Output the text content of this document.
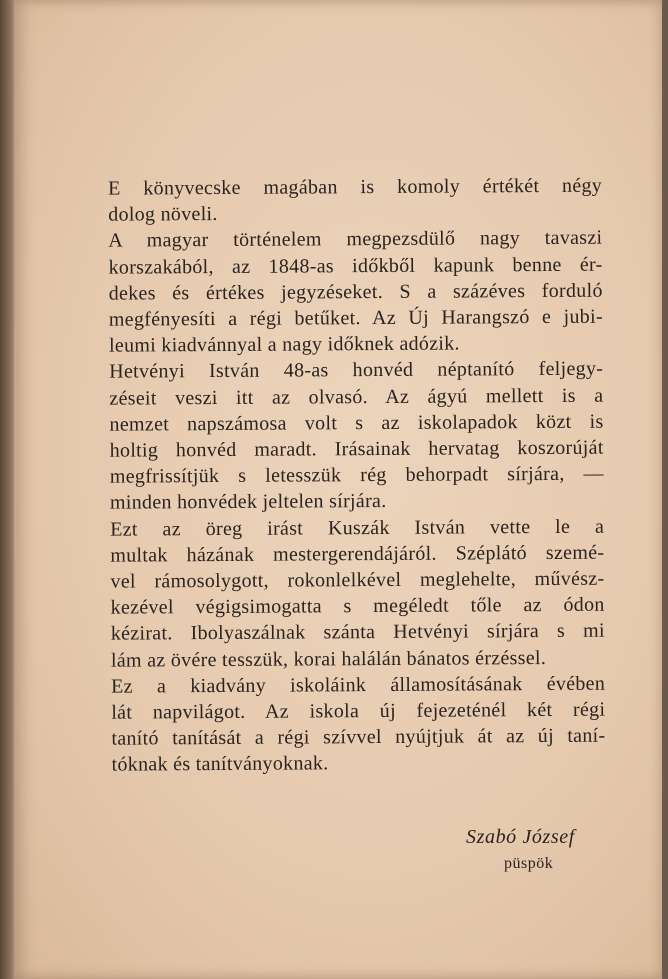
E könyvecske magában is komoly értékét négy
dolog növeli.

A magyar történelem megpezsdülő nagy tavaszi
korszakából, az 1848-as időkből kapunk benne ér-
dekes és értékes jegyzéseket. S a százéves forduló
megfényesíti a régi betűket. Az Új Harangszó e jubi-
leumi kiadvánnyal a nagy időknek adózik.

Hetvényi István 48-as honvéd néptanító feljegy-
zéseit veszi itt az olvasó. Az ágyú mellett is a
nemzet napszámosa volt s az iskolapadok közt is
holtig honvéd maradt. Irásainak hervatag koszorúját
megfrissítjük s letesszük rég behorpadt sírjára, —
minden honvédek jeltelen sírjára.

Ezt az öreg irást Kuszák István vette le a
multak házának mestergerendájáról. Széplátó szemé-
vel rámosolygott, rokonlelkével meglehelte, művész-
kezével végigsimogatta s megéledt tőle az ódon
kézirat. Ibolyaszálnak szánta Hetvényi sírjára s mi
lám az övére tesszük, korai halálán bánatos érzéssel.

Ez a kiadvány iskoláink államosításának évében
lát napvilágot. Az iskola új fejezeténél két régi
tanító tanítását a régi szívvel nyújtjuk át az új taní-
tóknak és tanítványoknak.

Szabó József
püspök
